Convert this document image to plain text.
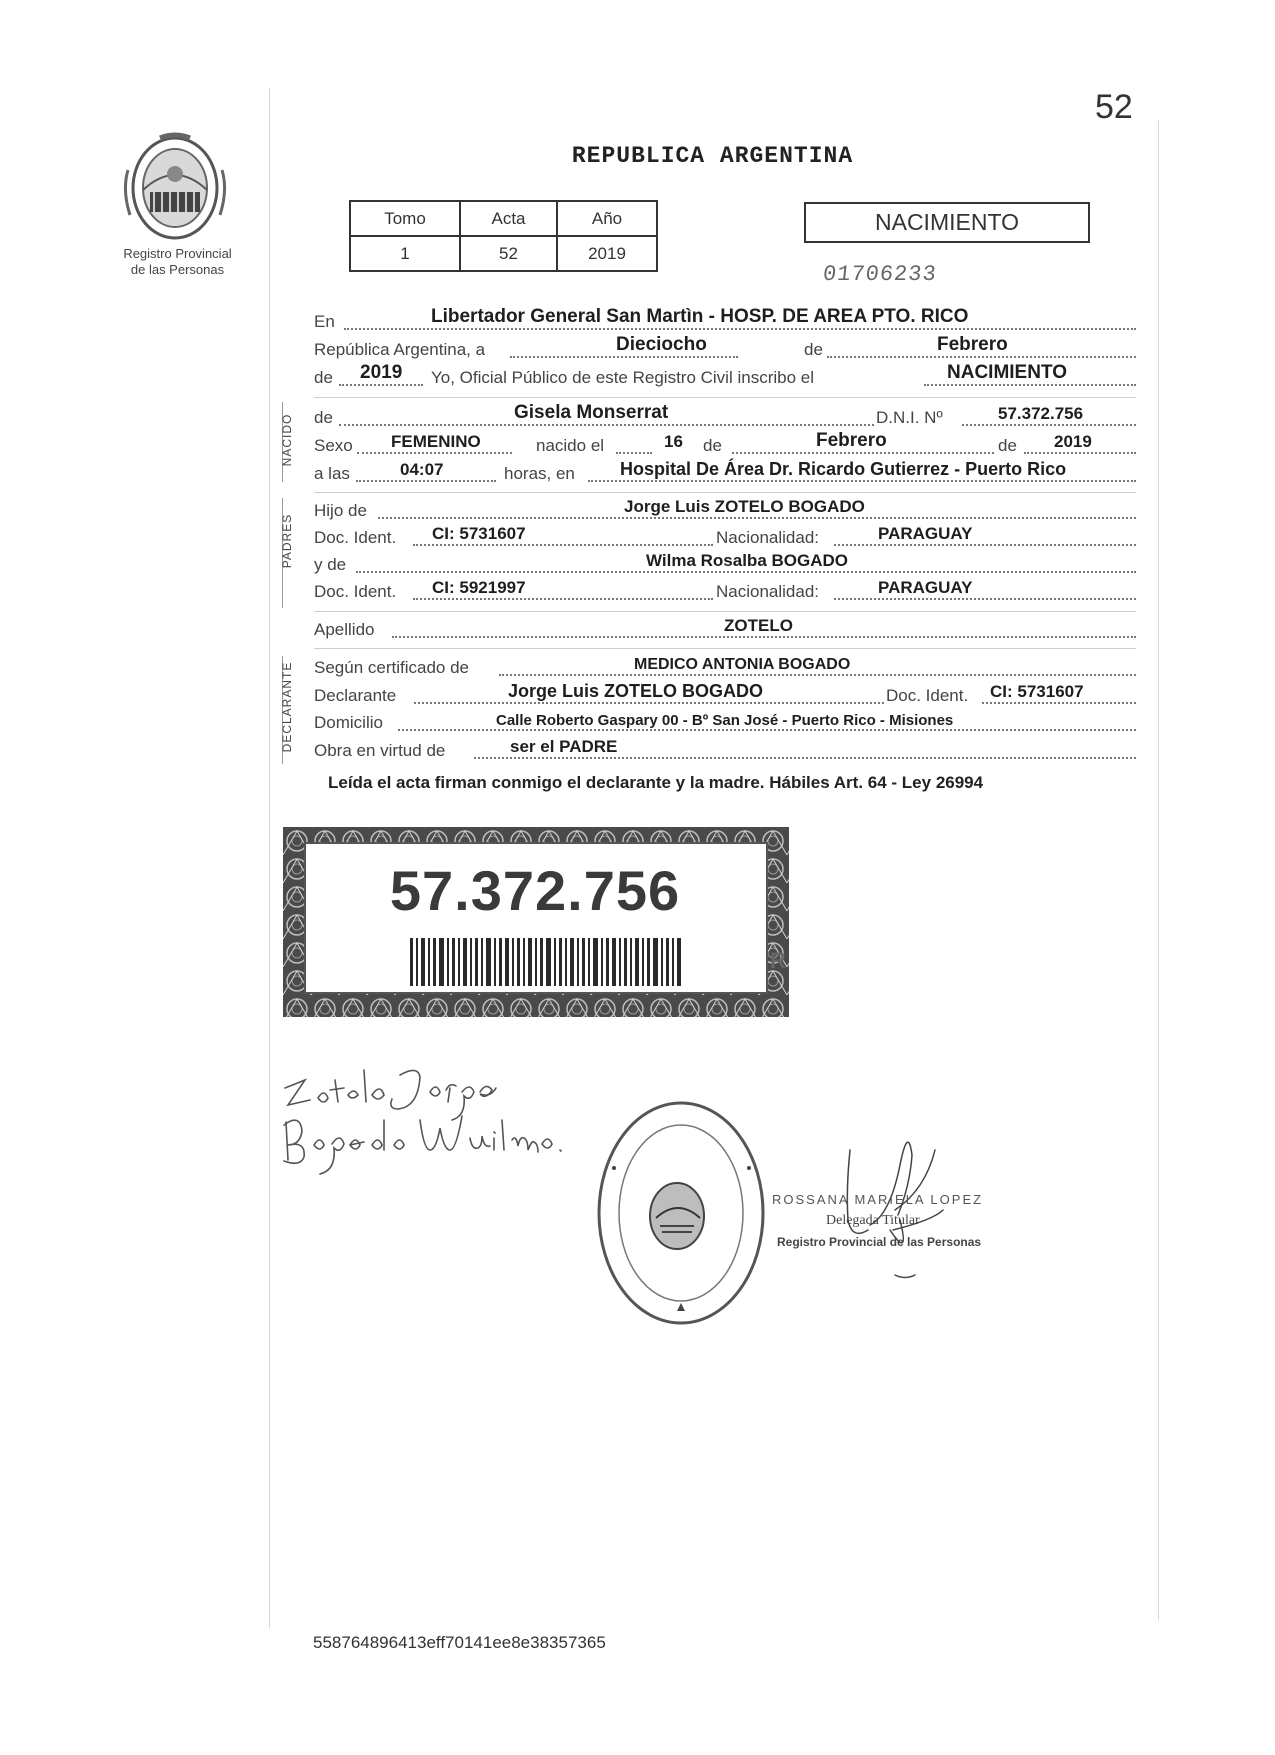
52
Registro Provincial
de las Personas
REPUBLICA ARGENTINA
Tomo	Acta	Año
1	52	2019
NACIMIENTO
01706233
En	Libertador General San Martìn - HOSP. DE AREA PTO. RICO
República Argentina, a	Dieciocho	de	Febrero
de 2019 Yo, Oficial Público de este Registro Civil inscribo el	NACIMIENTO
NACIDO de	Gisela Monserrat	D.N.I. Nº	57.372.756
Sexo FEMENINO	nacido el	16 de	Febrero	de 2019
a las	04:07	horas, en	Hospital De Área Dr. Ricardo Gutierrez - Puerto Rico
PADRES
Hijo de	Jorge Luis ZOTELO BOGADO
Doc. Ident. CI: 5731607	Nacionalidad:	PARAGUAY
y de	Wilma Rosalba BOGADO
Doc. Ident. CI: 5921997	Nacionalidad:	PARAGUAY
Apellido	ZOTELO
DECLARANTE Según certificado de	MEDICO ANTONIA BOGADO
Declarante	Jorge Luis ZOTELO BOGADO	Doc. Ident. CI: 5731607
Domicilio	Calle Roberto Gaspary 00 - Bº San José - Puerto Rico - Misiones
Obra en virtud de	ser el PADRE
Leída el acta firman conmigo el declarante y la madre. Hábiles Art. 64 - Ley 26994
57.372.756
R
ROSSANA MARIELA LOPEZ
Delegada Titular
Registro Provincial de las Personas
558764896413eff70141ee8e38357365
